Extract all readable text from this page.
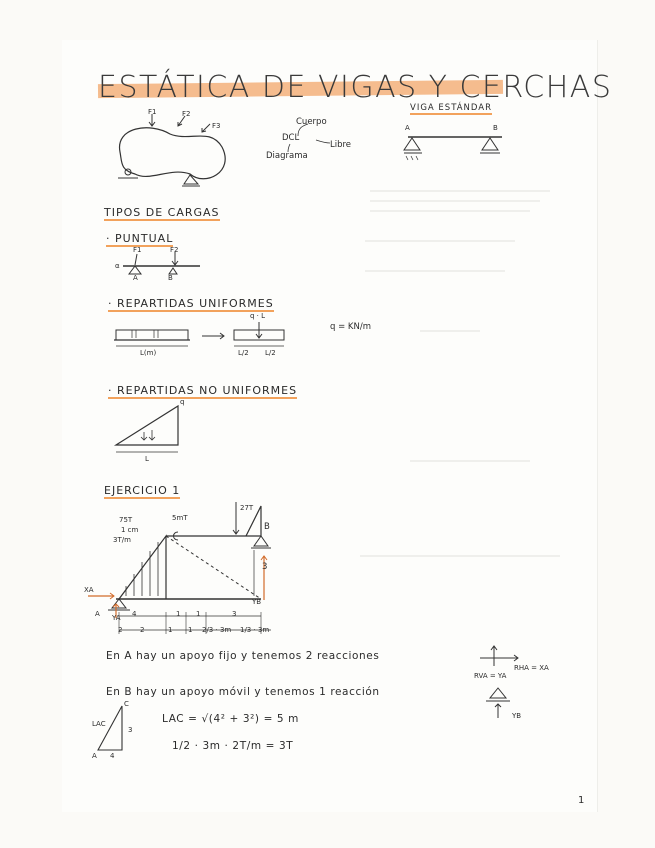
ESTÁTICA DE VIGAS Y CERCHAS
F1	F2
F3	Cuerpo
DCL
Libre
Diagrama
VIGA ESTÁNDAR
A	B
TIPOS DE CARGAS
· PUNTUAL
F1	F2
α
A	B
· REPARTIDAS UNIFORMES
q · L
L(m)	L/2 L/2
q = KN/m
· REPARTIDAS NO UNIFORMES
q
L
EJERCICIO 1
75T
1 cm
3T/m
5mT
27T
B
3
XA
A YA
YB
4	1 1	3
2	2	1 1 2/3 · 3m 1/3 · 3m
En A hay un apoyo fijo y tenemos 2 reacciones
En B hay un apoyo móvil y tenemos 1 reacción
RHA = XA
RVA = YA
YB
C
LAC
3
4
A
LAC = √(4² + 3²) = 5 m
1/2 · 3m · 2T/m = 3T
1
